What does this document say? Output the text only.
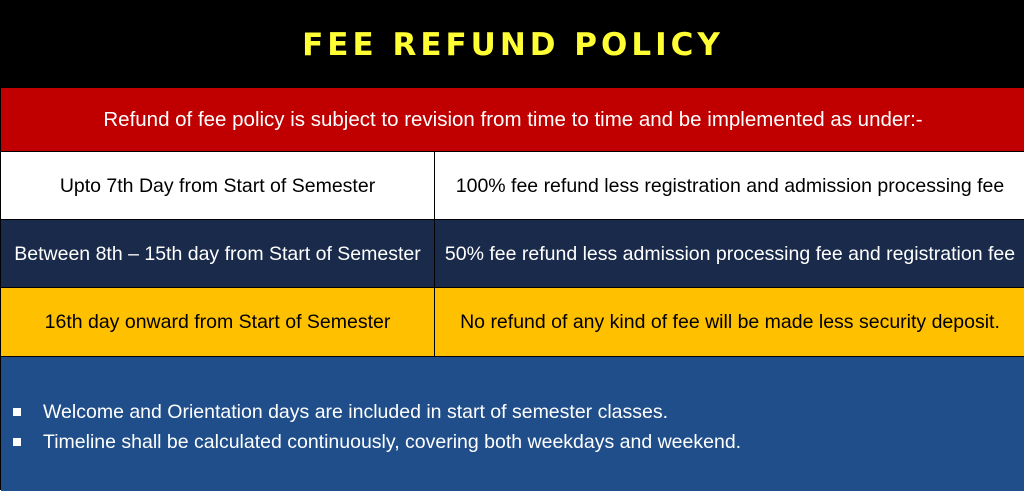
FEE REFUND POLICY
Refund of fee policy is subject to revision from time to time and be implemented as under:-
Upto 7th Day from Start of Semester	100% fee refund less registration and admission processing fee
Between 8th – 15th day from Start of Semester	50% fee refund less admission processing fee and registration fee
16th day onward from Start of Semester	No refund of any kind of fee will be made less security deposit.
Welcome and Orientation days are included in start of semester classes.
Timeline shall be calculated continuously, covering both weekdays and weekend.
